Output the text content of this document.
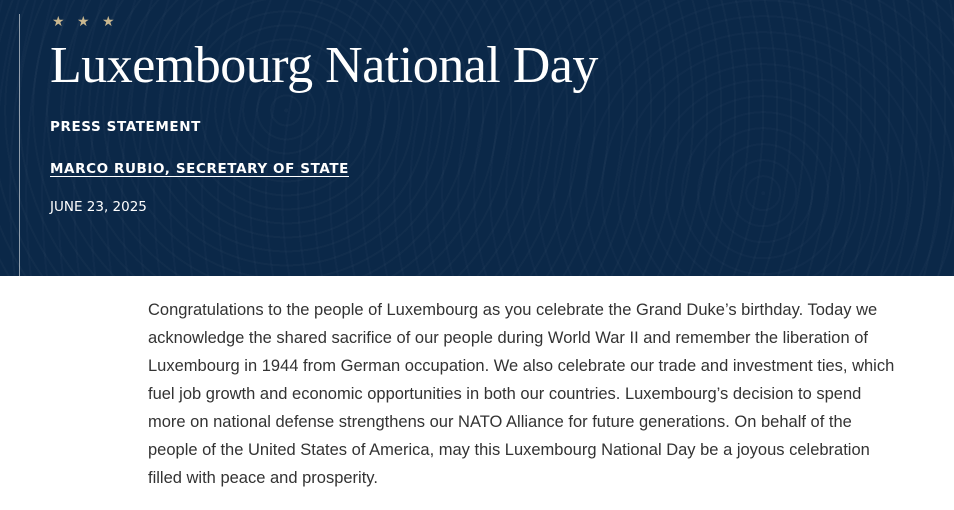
★ ★ ★
Luxembourg National Day
PRESS STATEMENT
MARCO RUBIO, SECRETARY OF STATE
JUNE 23, 2025

Congratulations to the people of Luxembourg as you celebrate the Grand Duke’s birthday. Today we acknowledge the shared sacrifice of our people during World War II and remember the liberation of Luxembourg in 1944 from German occupation. We also celebrate our trade and investment ties, which fuel job growth and economic opportunities in both our countries. Luxembourg’s decision to spend more on national defense strengthens our NATO Alliance for future generations. On behalf of the people of the United States of America, may this Luxembourg National Day be a joyous celebration filled with peace and prosperity.
